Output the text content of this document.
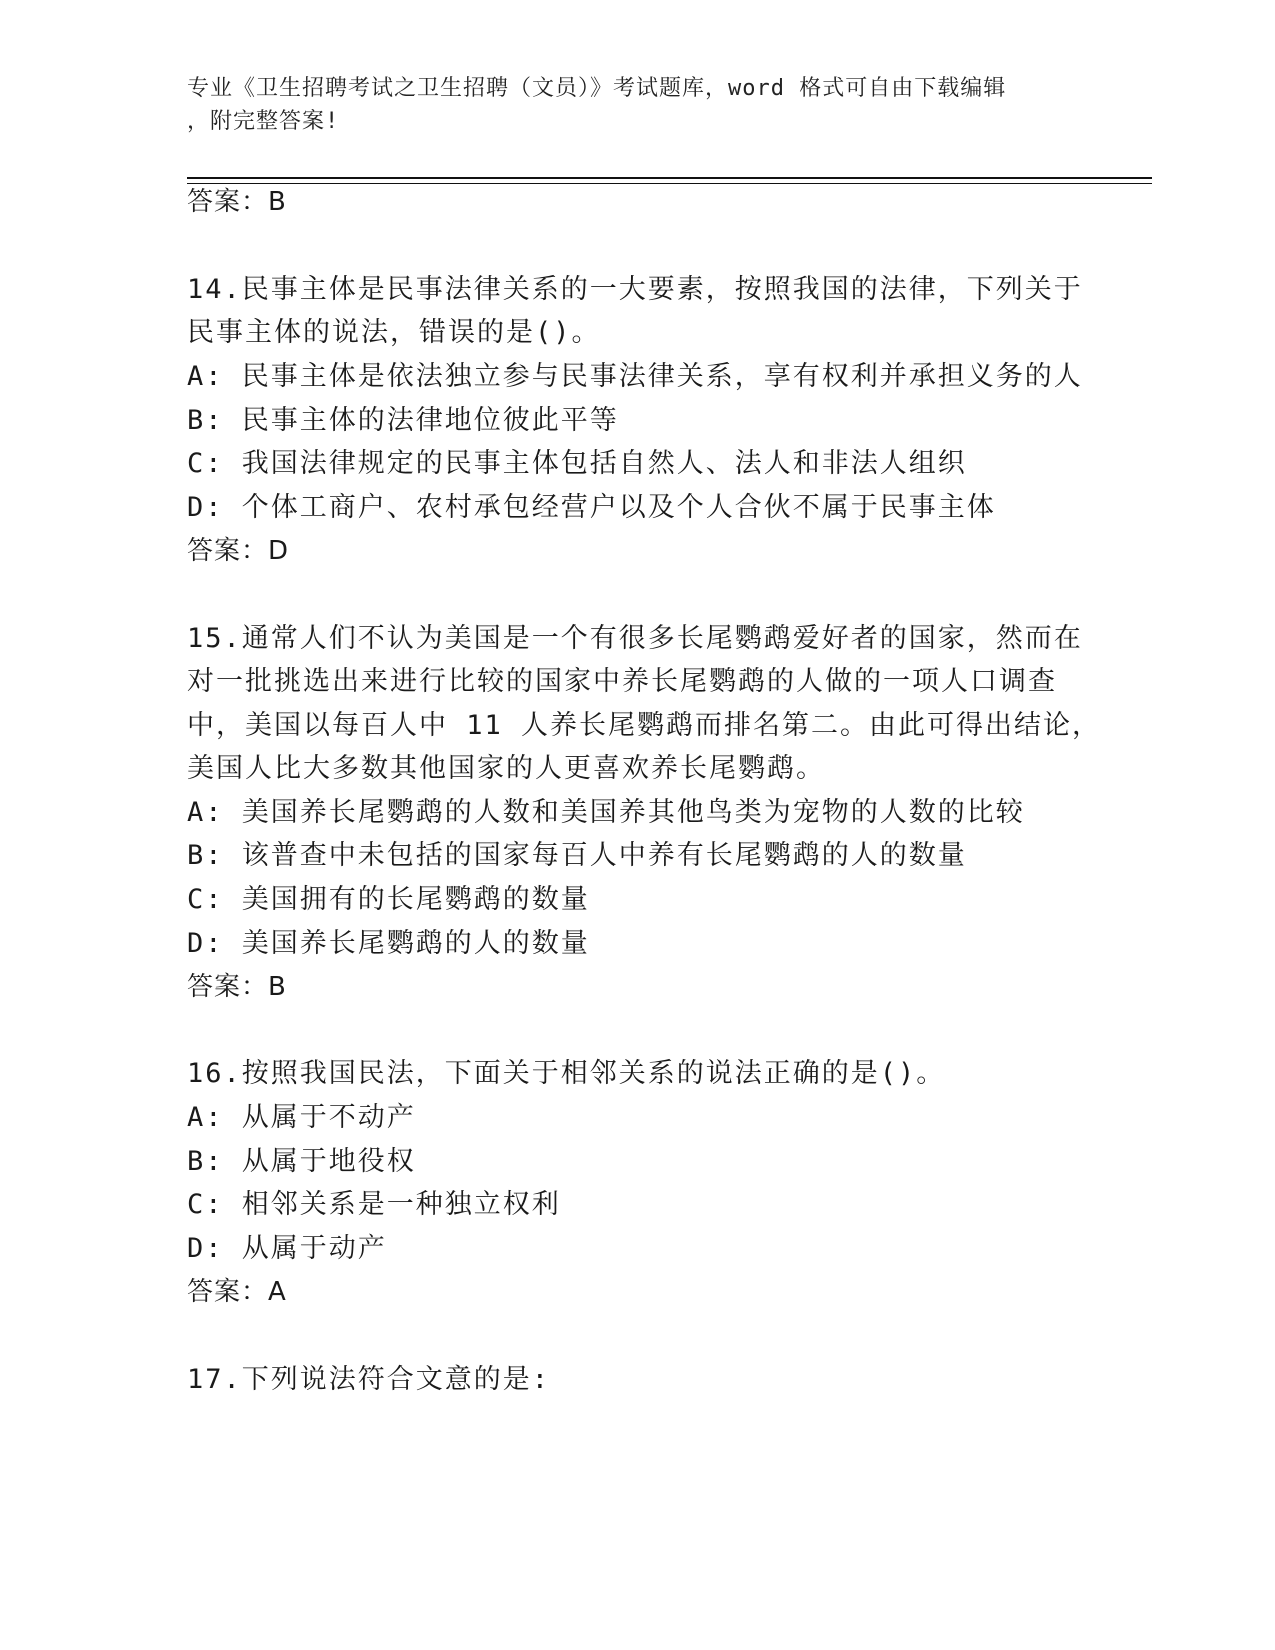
专业《卫生招聘考试之卫生招聘（文员）》考试题库，word 格式可自由下载编辑
，附完整答案!
答案：B
14.民事主体是民事法律关系的一大要素，按照我国的法律，下列关于
民事主体的说法，错误的是()。
A: 民事主体是依法独立参与民事法律关系，享有权利并承担义务的人
B: 民事主体的法律地位彼此平等
C: 我国法律规定的民事主体包括自然人、法人和非法人组织
D: 个体工商户、农村承包经营户以及个人合伙不属于民事主体
答案：D
15.通常人们不认为美国是一个有很多长尾鹦鹉爱好者的国家，然而在
对一批挑选出来进行比较的国家中养长尾鹦鹉的人做的一项人口调查
中，美国以每百人中 11 人养长尾鹦鹉而排名第二。由此可得出结论，
美国人比大多数其他国家的人更喜欢养长尾鹦鹉。
A: 美国养长尾鹦鹉的人数和美国养其他鸟类为宠物的人数的比较
B: 该普查中未包括的国家每百人中养有长尾鹦鹉的人的数量
C: 美国拥有的长尾鹦鹉的数量
D: 美国养长尾鹦鹉的人的数量
答案：B
16.按照我国民法，下面关于相邻关系的说法正确的是()。
A: 从属于不动产
B: 从属于地役权
C: 相邻关系是一种独立权利
D: 从属于动产
答案：A
17.下列说法符合文意的是:
